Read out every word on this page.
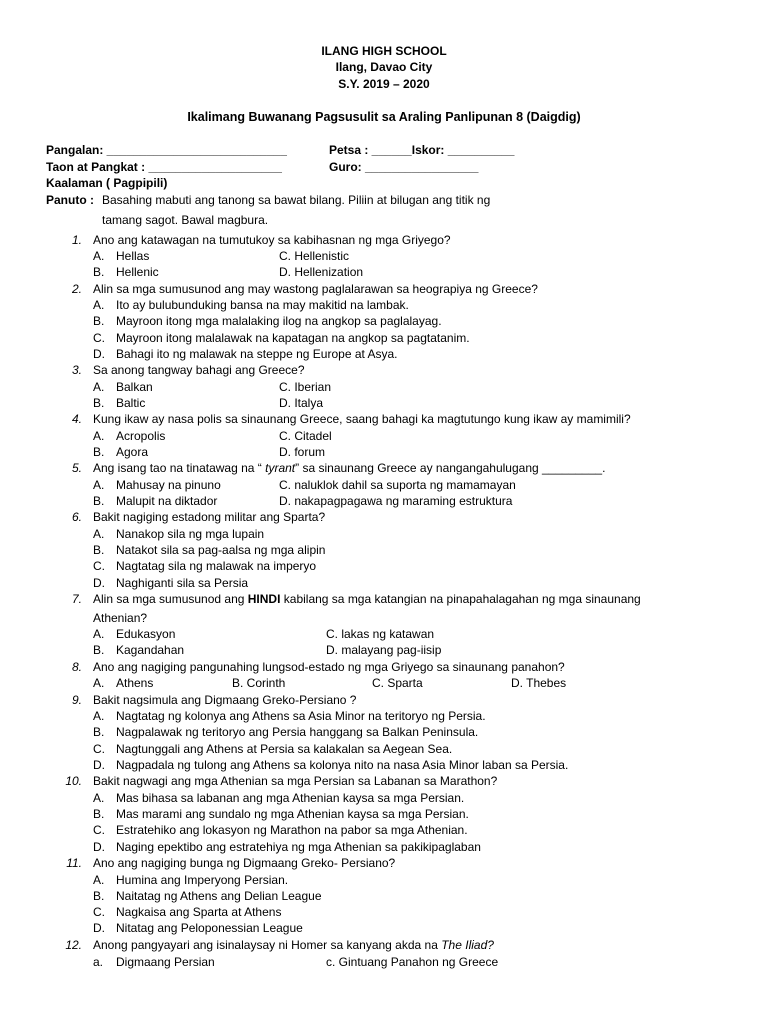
ILANG HIGH SCHOOL
Ilang, Davao City
S.Y. 2019 – 2020
Ikalimang Buwanang Pagsusulit sa Araling Panlipunan 8 (Daigdig)
Pangalan: ___________________________	Petsa : ______Iskor: __________
Taon at Pangkat : ____________________	Guro: _________________
Kaalaman ( Pagpipili)
Panuto : Basahing mabuti ang tanong sa bawat bilang. Piliin at bilugan ang titik ng
tamang sagot. Bawal magbura.
1. Ano ang katawagan na tumutukoy sa kabihasnan ng mga Griyego?
A. Hellas	C. Hellenistic
B. Hellenic	D. Hellenization
2. Alin sa mga sumusunod ang may wastong paglalarawan sa heograpiya ng Greece?
A. Ito ay bulubunduking bansa na may makitid na lambak.
B. Mayroon itong mga malalaking ilog na angkop sa paglalayag.
C. Mayroon itong malalawak na kapatagan na angkop sa pagtatanim.
D. Bahagi ito ng malawak na steppe ng Europe at Asya.
3. Sa anong tangway bahagi ang Greece?
A. Balkan	C. Iberian
B. Baltic	D. Italya
4. Kung ikaw ay nasa polis sa sinaunang Greece, saang bahagi ka magtutungo kung ikaw ay mamimili?
A. Acropolis	C. Citadel
B. Agora	D. forum
5. Ang isang tao na tinatawag na “ tyrant” sa sinaunang Greece ay nangangahulugang _________.
A. Mahusay na pinuno	C. naluklok dahil sa suporta ng mamamayan
B. Malupit na diktador	D. nakapagpagawa ng maraming estruktura
6. Bakit nagiging estadong militar ang Sparta?
A. Nanakop sila ng mga lupain
B. Natakot sila sa pag-aalsa ng mga alipin
C. Nagtatag sila ng malawak na imperyo
D. Naghiganti sila sa Persia
7. Alin sa mga sumusunod ang HINDI kabilang sa mga katangian na pinapahalagahan ng mga sinaunang
Athenian?
A. Edukasyon	C. lakas ng katawan
B. Kagandahan	D. malayang pag-iisip
8. Ano ang nagiging pangunahing lungsod-estado ng mga Griyego sa sinaunang panahon?
A. Athens	B. Corinth	C. Sparta	D. Thebes
9. Bakit nagsimula ang Digmaang Greko-Persiano ?
A. Nagtatag ng kolonya ang Athens sa Asia Minor na teritoryo ng Persia.
B. Nagpalawak ng teritoryo ang Persia hanggang sa Balkan Peninsula.
C. Nagtunggali ang Athens at Persia sa kalakalan sa Aegean Sea.
D. Nagpadala ng tulong ang Athens sa kolonya nito na nasa Asia Minor laban sa Persia.
10. Bakit nagwagi ang mga Athenian sa mga Persian sa Labanan sa Marathon?
A. Mas bihasa sa labanan ang mga Athenian kaysa sa mga Persian.
B. Mas marami ang sundalo ng mga Athenian kaysa sa mga Persian.
C. Estratehiko ang lokasyon ng Marathon na pabor sa mga Athenian.
D. Naging epektibo ang estratehiya ng mga Athenian sa pakikipaglaban
11. Ano ang nagiging bunga ng Digmaang Greko- Persiano?
A. Humina ang Imperyong Persian.
B. Naitatag ng Athens ang Delian League
C. Nagkaisa ang Sparta at Athens
D. Nitatag ang Peloponessian League
12. Anong pangyayari ang isinalaysay ni Homer sa kanyang akda na The Iliad?
a.	Digmaang Persian	c. Gintuang Panahon ng Greece
